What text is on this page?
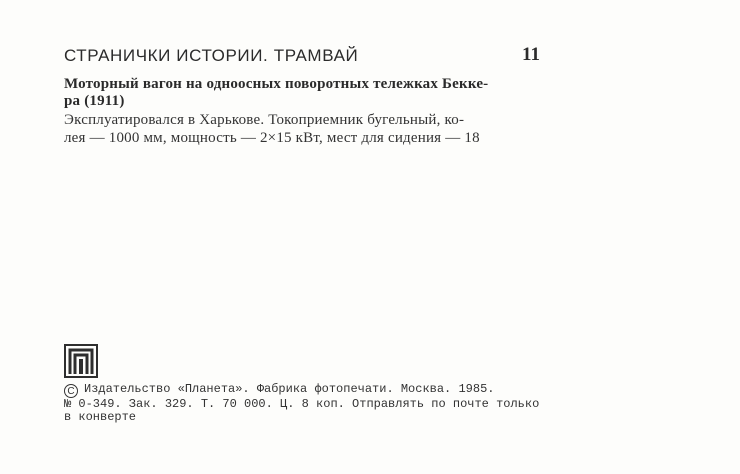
СТРАНИЧКИ ИСТОРИИ. ТРАМВАЙ	11
Моторный вагон на одноосных поворотных тележках Бекке-
ра (1911)
Эксплуатировался в Харькове. Токоприемник бугельный, ко-
лея — 1000 мм, мощность — 2×15 кВт, мест для сидения — 18
C Издательство «Планета». Фабрика фотопечати. Москва. 1985.
№ 0-349. Зак. 329. Т. 70 000. Ц. 8 коп. Отправлять по почте только
в конверте
